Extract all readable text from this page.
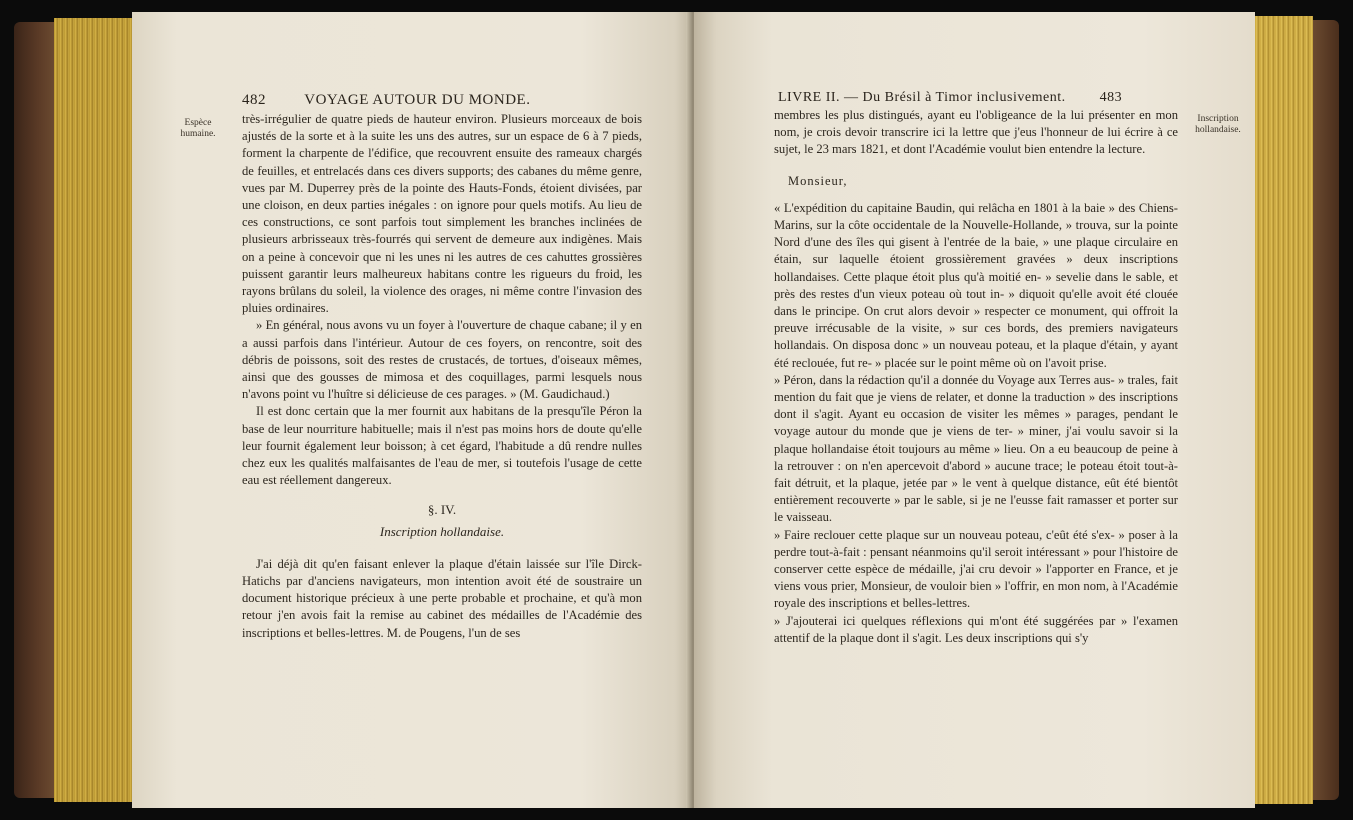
482	VOYAGE AUTOUR DU MONDE.
Espèce humaine.

très-irrégulier de quatre pieds de hauteur environ. Plusieurs morceaux de bois ajustés de la sorte et à la suite les uns des autres, sur un espace de 6 à 7 pieds, forment la charpente de l'édifice, que recouvrent ensuite des rameaux chargés de feuilles, et entrelacés dans ces divers supports; des cabanes du même genre, vues par M. Duperrey près de la pointe des Hauts-Fonds, étoient divisées, par une cloison, en deux parties inégales : on ignore pour quels motifs. Au lieu de ces constructions, ce sont parfois tout simplement les branches inclinées de plusieurs arbrisseaux très-fourrés qui servent de demeure aux indigènes. Mais on a peine à concevoir que ni les unes ni les autres de ces cahuttes grossières puissent garantir leurs malheureux habitans contre les rigueurs du froid, les rayons brûlans du soleil, la violence des orages, ni même contre l'invasion des pluies ordinaires.

» En général, nous avons vu un foyer à l'ouverture de chaque cabane; il y en a aussi parfois dans l'intérieur. Autour de ces foyers, on rencontre, soit des débris de poissons, soit des restes de crustacés, de tortues, d'oiseaux mêmes, ainsi que des gousses de mimosa et des coquillages, parmi lesquels nous n'avons point vu l'huître si délicieuse de ces parages. » (M. Gaudichaud.)

Il est donc certain que la mer fournit aux habitans de la presqu'île Péron la base de leur nourriture habituelle; mais il n'est pas moins hors de doute qu'elle leur fournit également leur boisson; à cet égard, l'habitude a dû rendre nulles chez eux les qualités malfaisantes de l'eau de mer, si toutefois l'usage de cette eau est réellement dangereux.

§. IV.
Inscription hollandaise.

J'ai déjà dit qu'en faisant enlever la plaque d'étain laissée sur l'île Dirck-Hatichs par d'anciens navigateurs, mon intention avoit été de soustraire un document historique précieux à une perte probable et prochaine, et qu'à mon retour j'en avois fait la remise au cabinet des médailles de l'Académie des inscriptions et belles-lettres. M. de Pougens, l'un de ses

LIVRE II. — Du Brésil à Timor inclusivement. 483

membres les plus distingués, ayant eu l'obligeance de la lui présenter en mon nom, je crois devoir transcrire ici la lettre que j'eus l'honneur de lui écrire à ce sujet, le 23 mars 1821, et dont l'Académie voulut bien entendre la lecture.

Monsieur,

« L'expédition du capitaine Baudin, qui relâcha en 1801 à la baie » des Chiens-Marins, sur la côte occidentale de la Nouvelle-Hollande, » trouva, sur la pointe Nord d'une des îles qui gisent à l'entrée de la baie, » une plaque circulaire en étain, sur laquelle étoient grossièrement gravées » deux inscriptions hollandaises. Cette plaque étoit plus qu'à moitié en- » sevelie dans le sable, et près des restes d'un vieux poteau où tout in- » diquoit qu'elle avoit été clouée dans le principe. On crut alors devoir » respecter ce monument, qui offroit la preuve irrécusable de la visite, » sur ces bords, des premiers navigateurs hollandais. On disposa donc » un nouveau poteau, et la plaque d'étain, y ayant été reclouée, fut re- » placée sur le point même où on l'avoit prise.

» Péron, dans la rédaction qu'il a donnée du Voyage aux Terres aus- » trales, fait mention du fait que je viens de relater, et donne la traduction » des inscriptions dont il s'agit. Ayant eu occasion de visiter les mêmes » parages, pendant le voyage autour du monde que je viens de ter- » miner, j'ai voulu savoir si la plaque hollandaise étoit toujours au même » lieu. On a eu beaucoup de peine à la retrouver : on n'en apercevoit d'abord » aucune trace; le poteau étoit tout-à-fait détruit, et la plaque, jetée par » le vent à quelque distance, eût été bientôt entièrement recouverte » par le sable, si je ne l'eusse fait ramasser et porter sur le vaisseau.

» Faire reclouer cette plaque sur un nouveau poteau, c'eût été s'ex- » poser à la perdre tout-à-fait : pensant néanmoins qu'il seroit intéressant » pour l'histoire de conserver cette espèce de médaille, j'ai cru devoir » l'apporter en France, et je viens vous prier, Monsieur, de vouloir bien » l'offrir, en mon nom, à l'Académie royale des inscriptions et belles-lettres.

» J'ajouterai ici quelques réflexions qui m'ont été suggérées par » l'examen attentif de la plaque dont il s'agit. Les deux inscriptions qui s'y

Inscription hollandaise.
